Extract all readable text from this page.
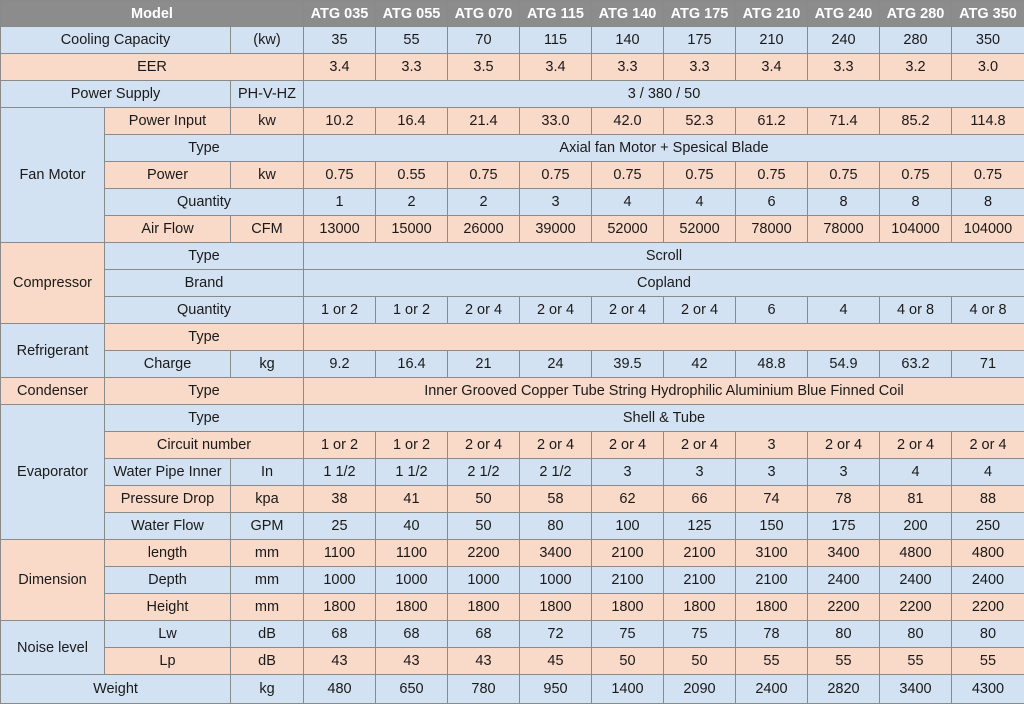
Model			ATG 035	ATG 055	ATG 070	ATG 115	ATG 140	ATG 175	ATG 210	ATG 240	ATG 280	ATG 350
Cooling Capacity		(kw)	35	55	70	115	140	175	210	240	280	350
EER			3.4	3.3	3.5	3.4	3.3	3.3	3.4	3.3	3.2	3.0
Power Supply		PH-V-HZ	3 / 380 / 50									
Fan Motor	Power Input	kw	10.2	16.4	21.4	33.0	42.0	52.3	61.2	71.4	85.2	114.8
	Type		Axial fan Motor + Spesical Blade									
	Power	kw	0.75	0.55	0.75	0.75	0.75	0.75	0.75	0.75	0.75	0.75
	Quantity		1	2	2	3	4	4	6	8	8	8
	Air Flow	CFM	13000	15000	26000	39000	52000	52000	78000	78000	104000	104000
Compressor	Type		Scroll									
	Brand		Copland									
	Quantity		1 or 2	1 or 2	2 or 4	2 or 4	2 or 4	2 or 4	6	4	4 or 8	4 or 8
Refrigerant	Type											
	Charge	kg	9.2	16.4	21	24	39.5	42	48.8	54.9	63.2	71
Condenser	Type		Inner Grooved Copper Tube String Hydrophilic Aluminium Blue Finned Coil									
Evaporator	Type		Shell & Tube									
	Circuit number		1 or 2	1 or 2	2 or 4	2 or 4	2 or 4	2 or 4	3	2 or 4	2 or 4	2 or 4
	Water Pipe Inner	In	1 1/2	1 1/2	2 1/2	2 1/2	3	3	3	3	4	4
	Pressure Drop	kpa	38	41	50	58	62	66	74	78	81	88
	Water Flow	GPM	25	40	50	80	100	125	150	175	200	250
Dimension	length	mm	1100	1100	2200	3400	2100	2100	3100	3400	4800	4800
	Depth	mm	1000	1000	1000	1000	2100	2100	2100	2400	2400	2400
	Height	mm	1800	1800	1800	1800	1800	1800	1800	2200	2200	2200
Noise level	Lw	dB	68	68	68	72	75	75	78	80	80	80
	Lp	dB	43	43	43	45	50	50	55	55	55	55
Weight		kg	480	650	780	950	1400	2090	2400	2820	3400	4300
